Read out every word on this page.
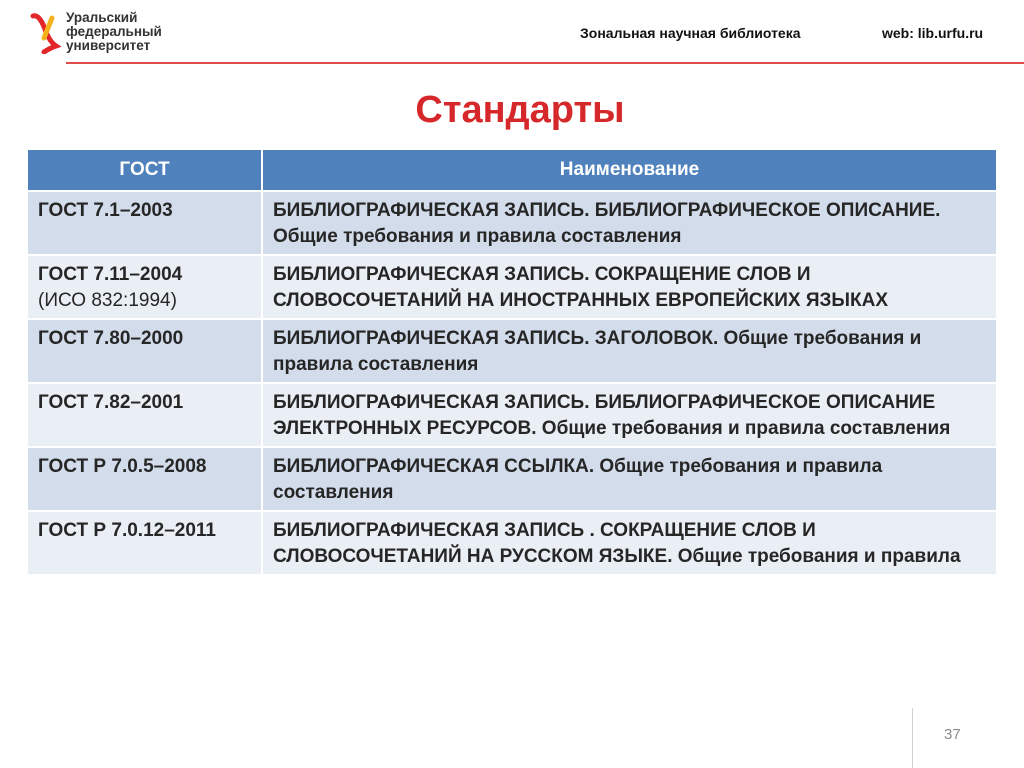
Уральский
федеральный
университет
Зональная научная библиотека	web: lib.urfu.ru
Стандарты
ГОСТ	Наименование

ГОСТ 7.1–2003	БИБЛИОГРАФИЧЕСКАЯ ЗАПИСЬ. БИБЛИОГРАФИЧЕСКОЕ ОПИСАНИЕ. Общие требования и правила составления

ГОСТ 7.11–2004
(ИСО 832:1994)	БИБЛИОГРАФИЧЕСКАЯ ЗАПИСЬ. СОКРАЩЕНИЕ СЛОВ И СЛОВОСОЧЕТАНИЙ НА ИНОСТРАННЫХ ЕВРОПЕЙСКИХ ЯЗЫКАХ

ГОСТ 7.80–2000	БИБЛИОГРАФИЧЕСКАЯ ЗАПИСЬ. ЗАГОЛОВОК. Общие требования и правила составления

ГОСТ 7.82–2001	БИБЛИОГРАФИЧЕСКАЯ ЗАПИСЬ. БИБЛИОГРАФИЧЕСКОЕ ОПИСАНИЕ ЭЛЕКТРОННЫХ РЕСУРСОВ. Общие требования и правила составления

ГОСТ Р 7.0.5–2008	БИБЛИОГРАФИЧЕСКАЯ ССЫЛКА. Общие требования и правила составления

ГОСТ Р 7.0.12–2011	БИБЛИОГРАФИЧЕСКАЯ ЗАПИСЬ . СОКРАЩЕНИЕ СЛОВ И СЛОВОСОЧЕТАНИЙ НА РУССКОМ ЯЗЫКЕ. Общие требования и правила
37
